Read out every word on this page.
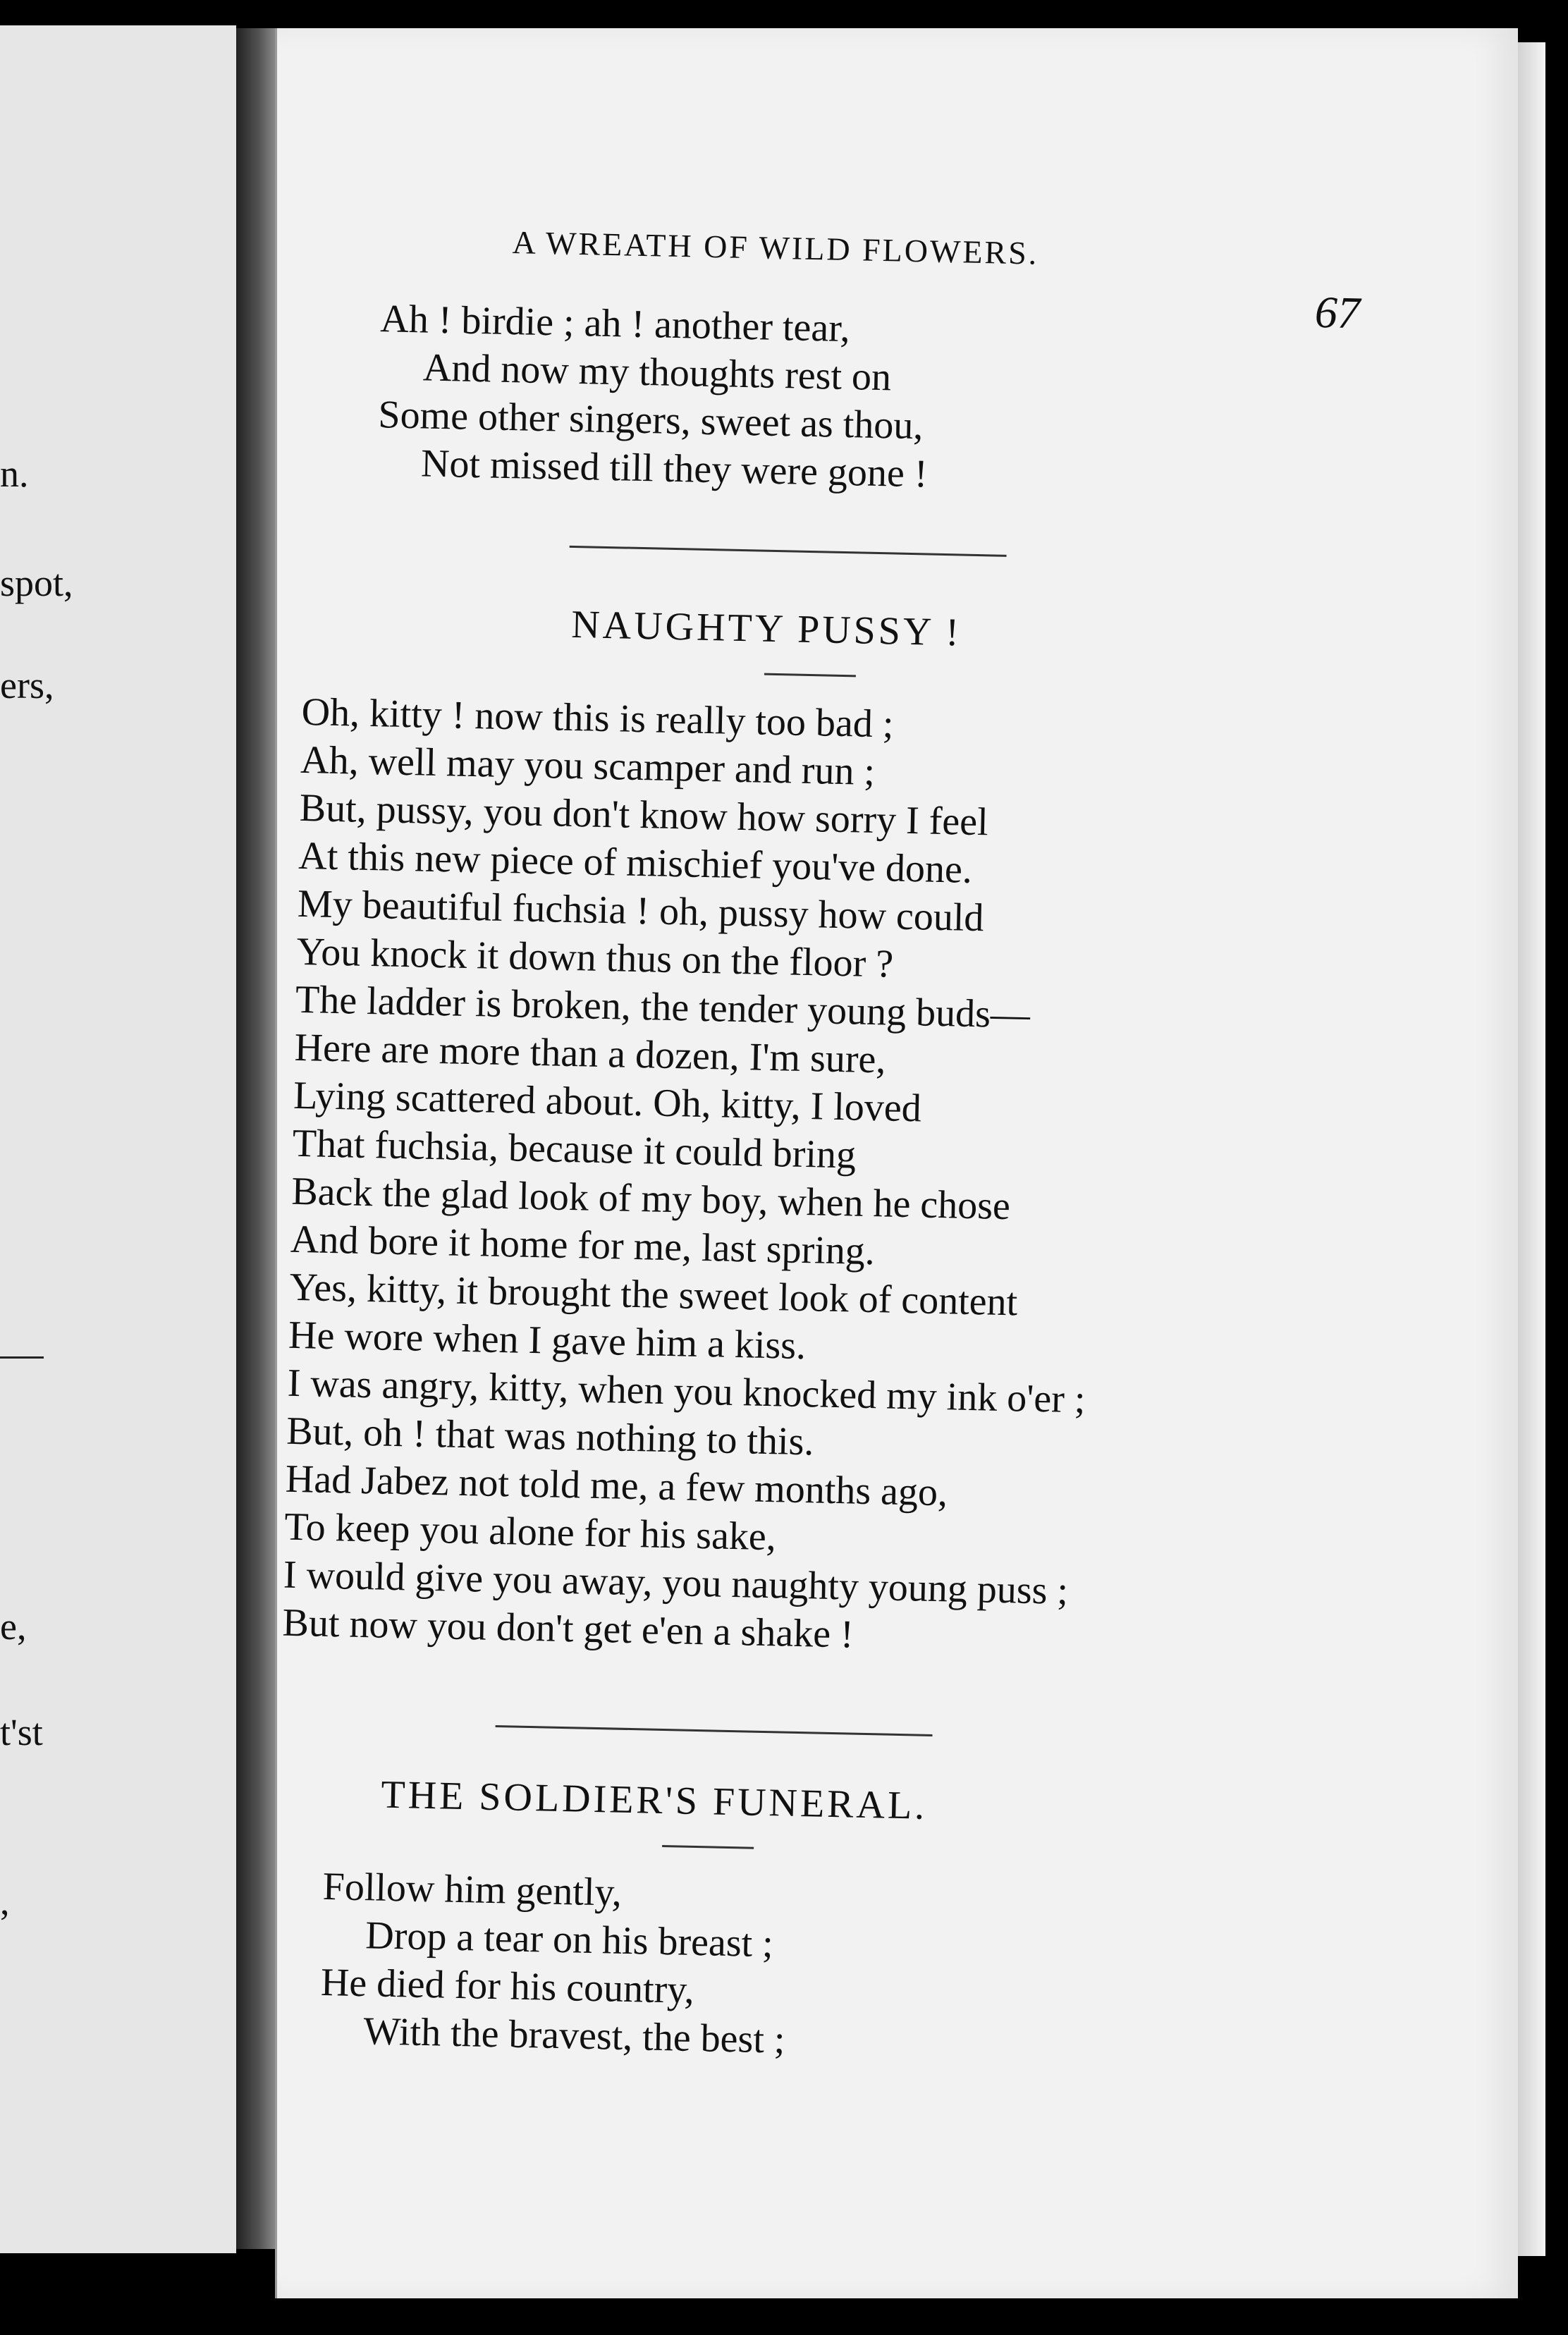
n.
spot,
ers,
e,
t'st
,
A WREATH OF WILD FLOWERS.
67
Ah ! birdie ; ah ! another tear,
And now my thoughts rest on
Some other singers, sweet as thou,
Not missed till they were gone !
NAUGHTY PUSSY !
Oh, kitty ! now this is really too bad ;
Ah, well may you scamper and run ;
But, pussy, you don't know how sorry I feel
At this new piece of mischief you've done.
My beautiful fuchsia ! oh, pussy how could
You knock it down thus on the floor ?
The ladder is broken, the tender young buds—
Here are more than a dozen, I'm sure,
Lying scattered about. Oh, kitty, I loved
That fuchsia, because it could bring
Back the glad look of my boy, when he chose
And bore it home for me, last spring.
Yes, kitty, it brought the sweet look of content
He wore when I gave him a kiss.
I was angry, kitty, when you knocked my ink o'er ;
But, oh ! that was nothing to this.
Had Jabez not told me, a few months ago,
To keep you alone for his sake,
I would give you away, you naughty young puss ;
But now you don't get e'en a shake !
THE SOLDIER'S FUNERAL.
Follow him gently,
Drop a tear on his breast ;
He died for his country,
With the bravest, the best ;
